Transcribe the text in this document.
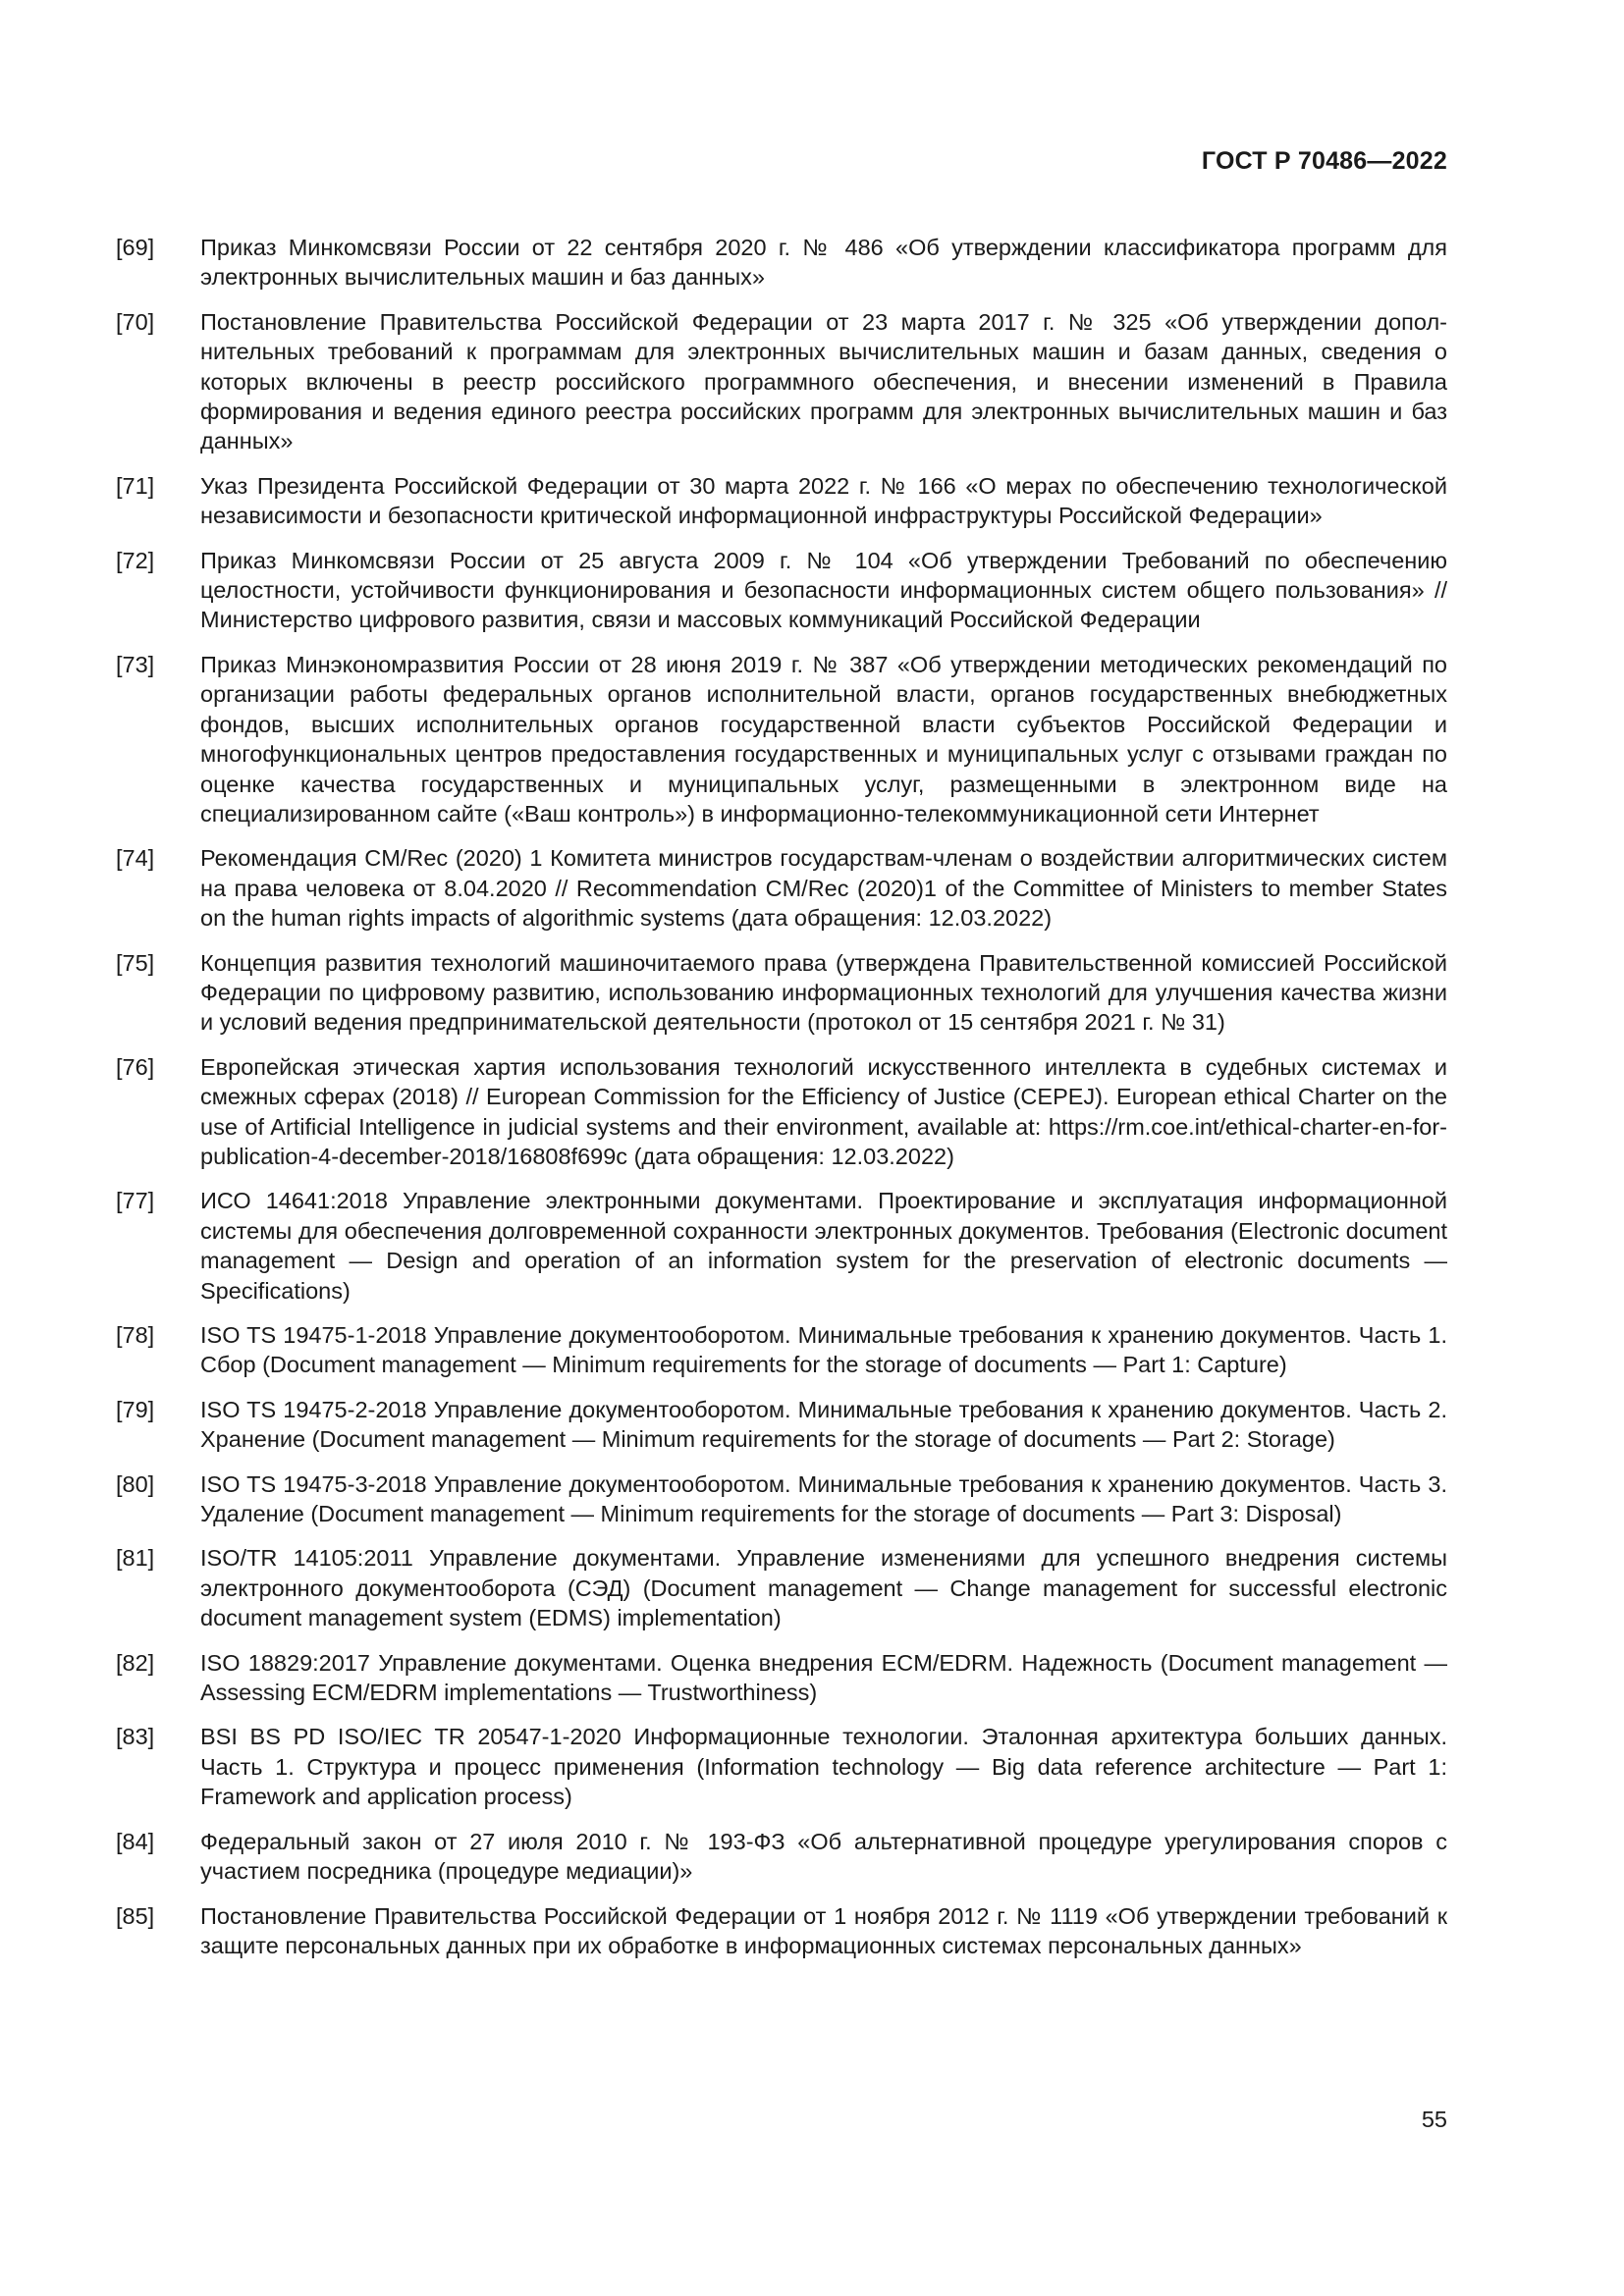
ГОСТ Р 70486—2022
[69]	Приказ Минкомсвязи России от 22 сентября 2020 г. № 486 «Об утверждении классификатора программ для электронных вычислительных машин и баз данных»
[70]	Постановление Правительства Российской Федерации от 23 марта 2017 г. № 325 «Об утверждении дополнительных требований к программам для электронных вычислительных машин и базам данных, сведения о которых включены в реестр российского программного обеспечения, и внесении изменений в Правила формирования и ведения единого реестра российских программ для электронных вычислительных машин и баз данных»
[71]	Указ Президента Российской Федерации от 30 марта 2022 г. № 166 «О мерах по обеспечению технологической независимости и безопасности критической информационной инфраструктуры Российской Федерации»
[72]	Приказ Минкомсвязи России от 25 августа 2009 г. № 104 «Об утверждении Требований по обеспечению целостности, устойчивости функционирования и безопасности информационных систем общего пользования» // Министерство цифрового развития, связи и массовых коммуникаций Российской Федерации
[73]	Приказ Минэкономразвития России от 28 июня 2019 г. № 387 «Об утверждении методических рекомендаций по организации работы федеральных органов исполнительной власти, органов государственных внебюджетных фондов, высших исполнительных органов государственной власти субъектов Российской Федерации и многофункциональных центров предоставления государственных и муниципальных услуг с отзывами граждан по оценке качества государственных и муниципальных услуг, размещенными в электронном виде на специализированном сайте («Ваш контроль») в информационно-телекоммуникационной сети Интернет
[74]	Рекомендация CM/Rec (2020) 1 Комитета министров государствам-членам о воздействии алгоритмических систем на права человека от 8.04.2020 // Recommendation CM/Rec (2020)1 of the Committee of Ministers to member States on the human rights impacts of algorithmic systems (дата обращения: 12.03.2022)
[75]	Концепция развития технологий машиночитаемого права (утверждена Правительственной комиссией Российской Федерации по цифровому развитию, использованию информационных технологий для улучшения качества жизни и условий ведения предпринимательской деятельности (протокол от 15 сентября 2021 г. № 31)
[76]	Европейская этическая хартия использования технологий искусственного интеллекта в судебных системах и смежных сферах (2018) // European Commission for the Efficiency of Justice (CEPEJ). European ethical Charter on the use of Artificial Intelligence in judicial systems and their environment, available at: https://rm.coe.int/ethical-charter-en-for-publication-4-december-2018/16808f699c (дата обращения: 12.03.2022)
[77]	ИСО 14641:2018 Управление электронными документами. Проектирование и эксплуатация информационной системы для обеспечения долговременной сохранности электронных документов. Требования (Electronic document management — Design and operation of an information system for the preservation of electronic documents — Specifications)
[78]	ISO TS 19475-1-2018 Управление документооборотом. Минимальные требования к хранению документов. Часть 1. Сбор (Document management — Minimum requirements for the storage of documents — Part 1: Capture)
[79]	ISO TS 19475-2-2018 Управление документооборотом. Минимальные требования к хранению документов. Часть 2. Хранение (Document management — Minimum requirements for the storage of documents — Part 2: Storage)
[80]	ISO TS 19475-3-2018 Управление документооборотом. Минимальные требования к хранению документов. Часть 3. Удаление (Document management — Minimum requirements for the storage of documents — Part 3: Disposal)
[81]	ISO/TR 14105:2011 Управление документами. Управление изменениями для успешного внедрения системы электронного документооборота (СЭД) (Document management — Change management for successful electronic document management system (EDMS) implementation)
[82]	ISO 18829:2017 Управление документами. Оценка внедрения ECM/EDRM. Надежность (Document management — Assessing ECM/EDRM implementations — Trustworthiness)
[83]	BSI BS PD ISO/IEC TR 20547-1-2020 Информационные технологии. Эталонная архитектура больших данных. Часть 1. Структура и процесс применения (Information technology — Big data reference architecture — Part 1: Framework and application process)
[84]	Федеральный закон от 27 июля 2010 г. № 193-ФЗ «Об альтернативной процедуре урегулирования споров с участием посредника (процедуре медиации)»
[85]	Постановление Правительства Российской Федерации от 1 ноября 2012 г. № 1119 «Об утверждении требований к защите персональных данных при их обработке в информационных системах персональных данных»
55
